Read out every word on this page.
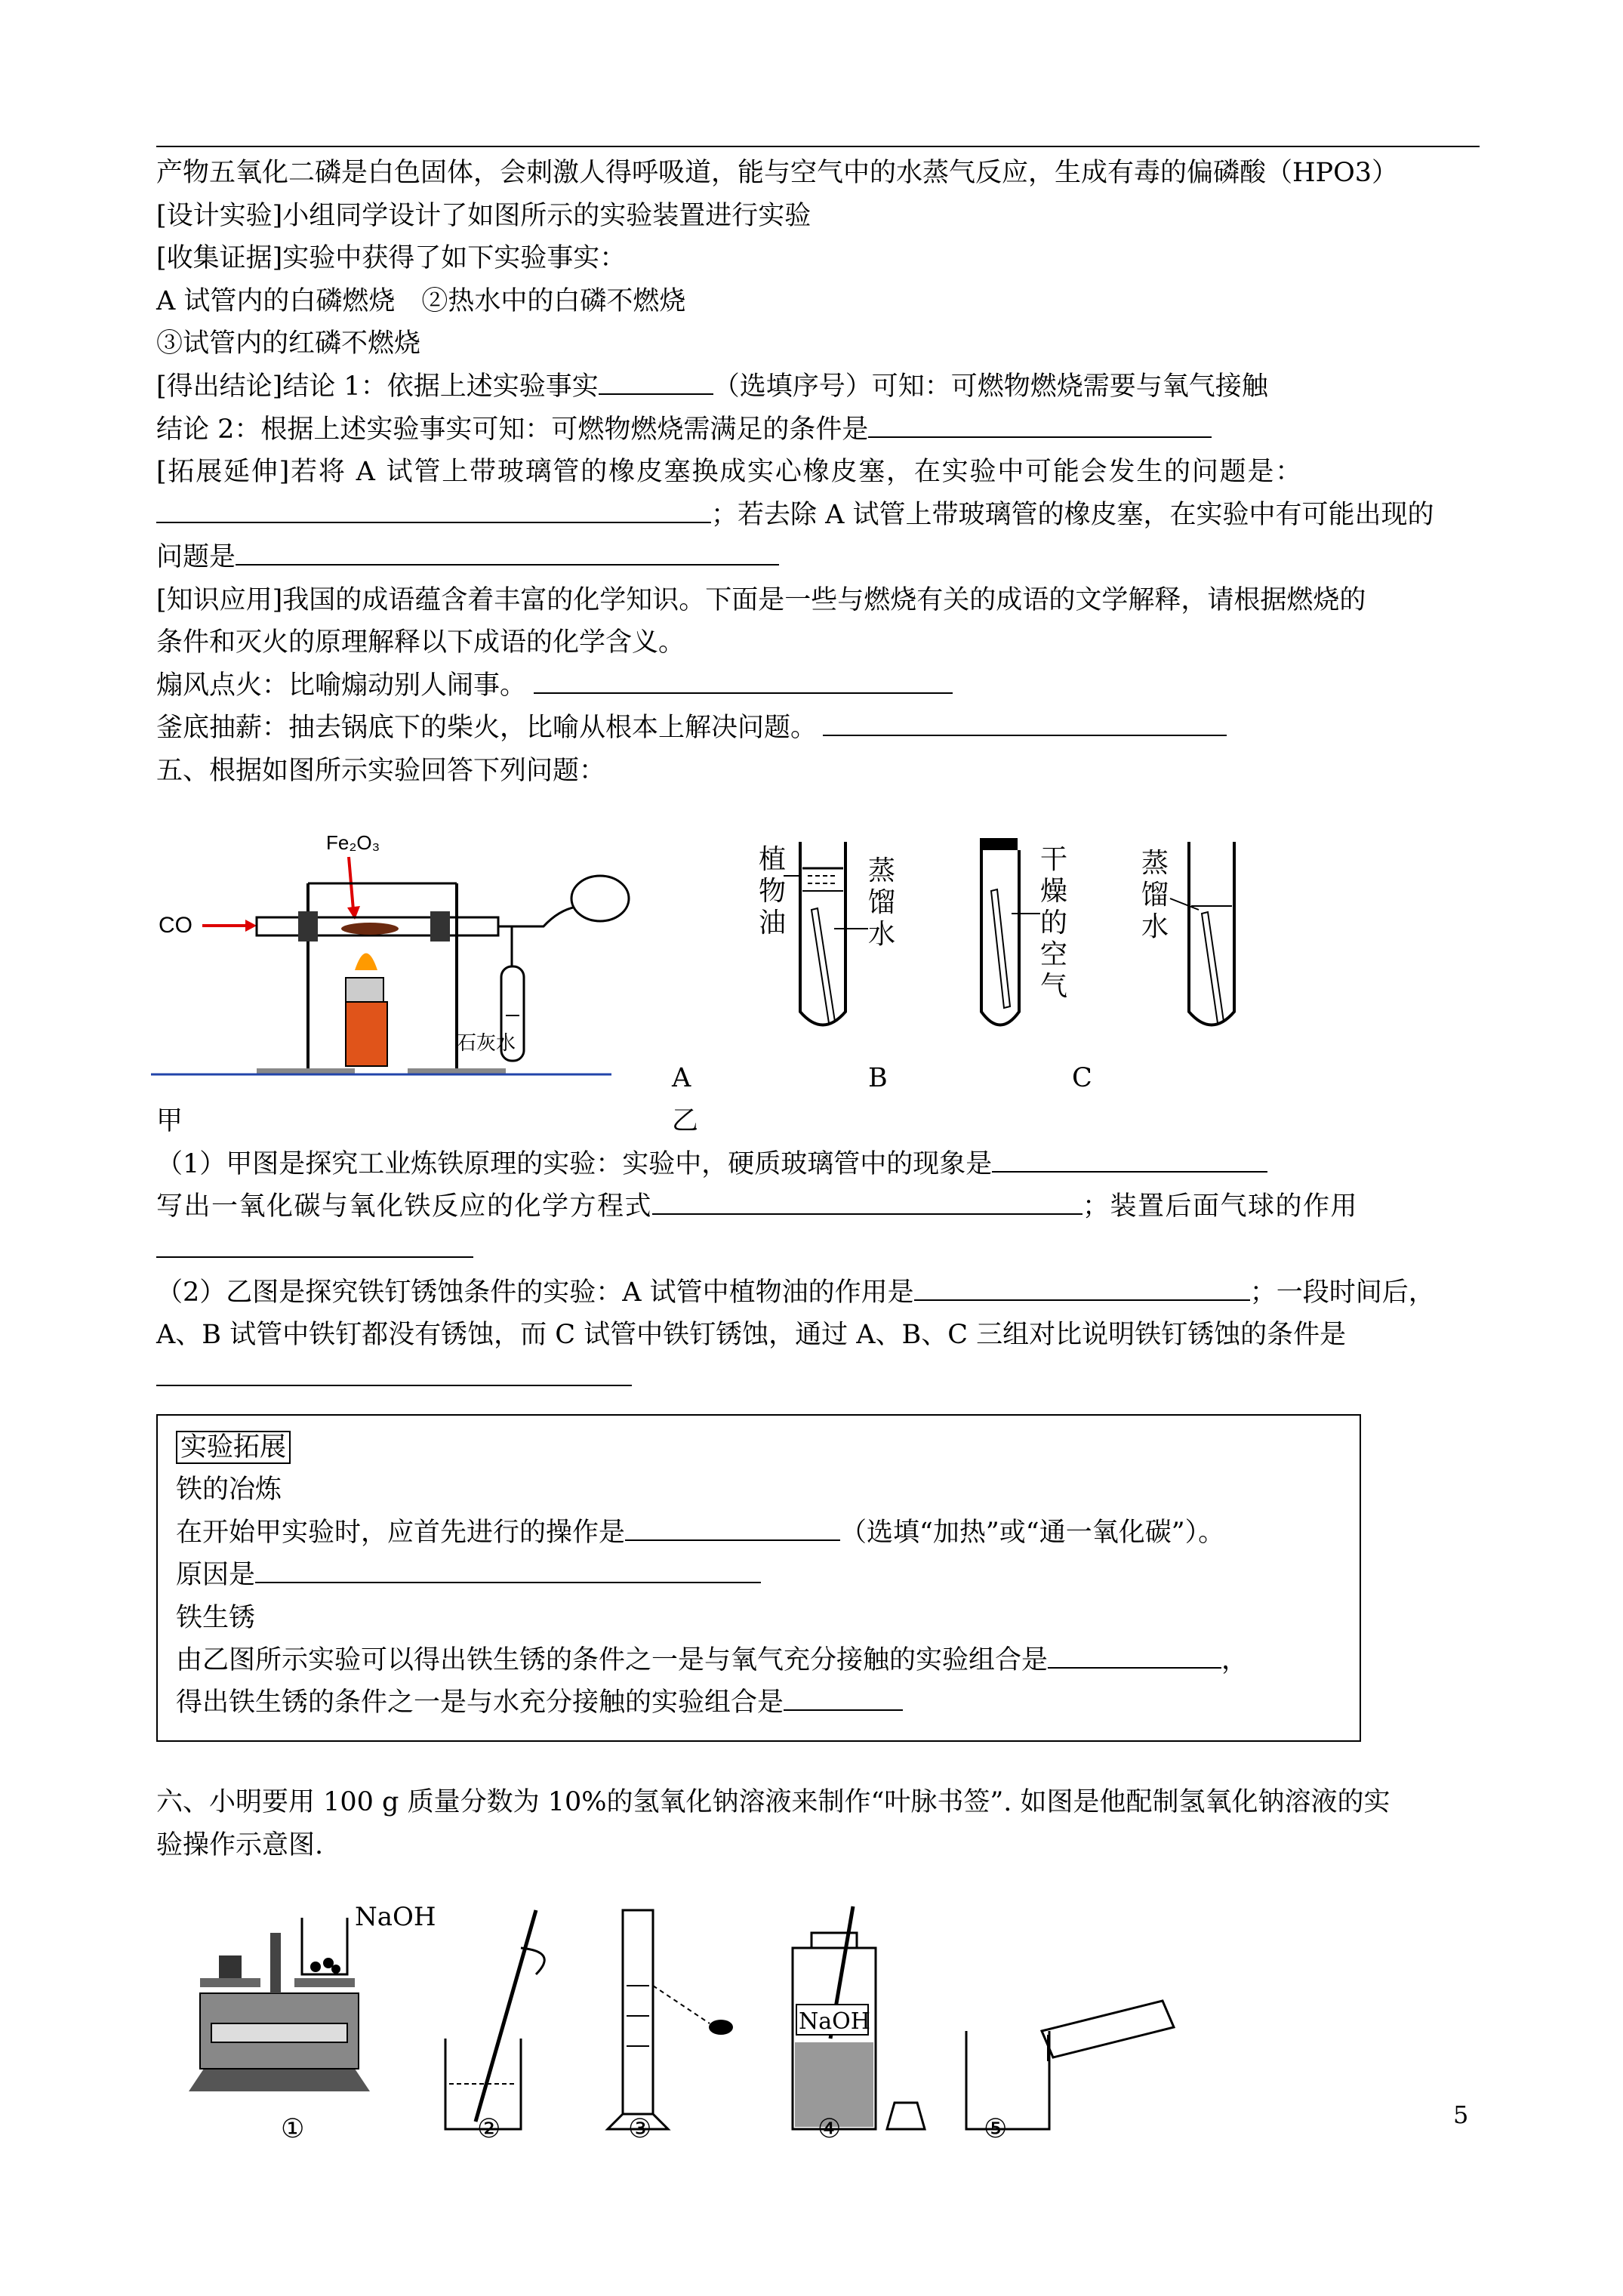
产物五氧化二磷是白色固体，会刺激人得呼吸道，能与空气中的水蒸气反应，生成有毒的偏磷酸（HPO3）
[设计实验]小组同学设计了如图所示的实验装置进行实验
[收集证据]实验中获得了如下实验事实：
A 试管内的白磷燃烧　②热水中的白磷不燃烧
③试管内的红磷不燃烧
[得出结论]结论 1：依据上述实验事实	（选填序号）可知：可燃物燃烧需要与氧气接触
结论 2：根据上述实验事实可知：可燃物燃烧需满足的条件是
[拓展延伸]若将 A 试管上带玻璃管的橡皮塞换成实心橡皮塞，在实验中可能会发生的问题是：
；若去除 A 试管上带玻璃管的橡皮塞，在实验中有可能出现的
问题是
[知识应用]我国的成语蕴含着丰富的化学知识。下面是一些与燃烧有关的成语的文学解释，请根据燃烧的
条件和灭火的原理解释以下成语的化学含义。
煽风点火：比喻煽动别人闹事。
釜底抽薪：抽去锅底下的柴火，比喻从根本上解决问题。
五、根据如图所示实验回答下列问题：
CO
Fe₂O₃
石灰水
植物油
蒸馏水
干燥的空气
蒸馏水
A	B	C
甲	乙
（1）甲图是探究工业炼铁原理的实验：实验中，硬质玻璃管中的现象是
写出一氧化碳与氧化铁反应的化学方程式	；装置后面气球的作用
（2）乙图是探究铁钉锈蚀条件的实验：A 试管中植物油的作用是	；一段时间后，
A、B 试管中铁钉都没有锈蚀，而 C 试管中铁钉锈蚀，通过 A、B、C 三组对比说明铁钉锈蚀的条件是
实验拓展
铁的冶炼
在开始甲实验时，应首先进行的操作是	（选填“加热”或“通一氧化碳”）。
原因是
铁生锈
由乙图所示实验可以得出铁生锈的条件之一是与氧气充分接触的实验组合是	，
得出铁生锈的条件之一是与水充分接触的实验组合是
六、小明要用 100 g 质量分数为 10%的氢氧化钠溶液来制作“叶脉书签”. 如图是他配制氢氧化钠溶液的实
验操作示意图.
NaOH
NaOH
①	②	③	④	⑤	5
